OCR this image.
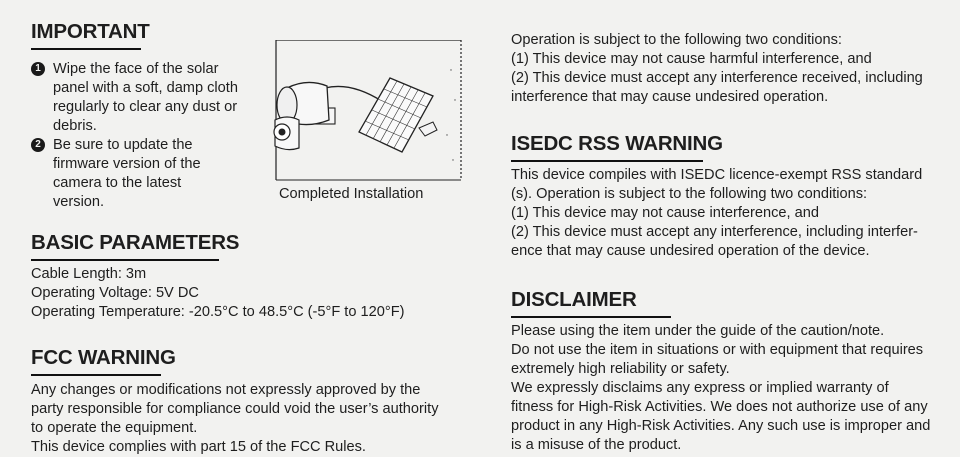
IMPORTANT
1 Wipe the face of the solar panel with a soft, damp cloth regularly to clear any dust or debris.
2 Be sure to update the firmware version of the camera to the latest version.	Completed Installation
BASIC PARAMETERS
Cable Length: 3m
Operating Voltage: 5V DC
Operating Temperature: -20.5°C to 48.5°C (-5°F to 120°F)
FCC WARNING
Any changes or modifications not expressly approved by the
party responsible for compliance could void the user’s authority
to operate the equipment.
This device complies with part 15 of the FCC Rules.
Operation is subject to the following two conditions:
(1) This device may not cause harmful interference, and
(2) This device must accept any interference received, including
interference that may cause undesired operation.
ISEDC RSS WARNING
This device compiles with ISEDC licence-exempt RSS standard
(s). Operation is subject to the following two conditions:
(1) This device may not cause interference, and
(2) This device must accept any interference, including interfer-
ence that may cause undesired operation of the device.
DISCLAIMER
Please using the item under the guide of the caution/note.
Do not use the item in situations or with equipment that requires
extremely high reliability or safety.
We expressly disclaims any express or implied warranty of
fitness for High-Risk Activities. We does not authorize use of any
product in any High-Risk Activities. Any such use is improper and
is a misuse of the product.
